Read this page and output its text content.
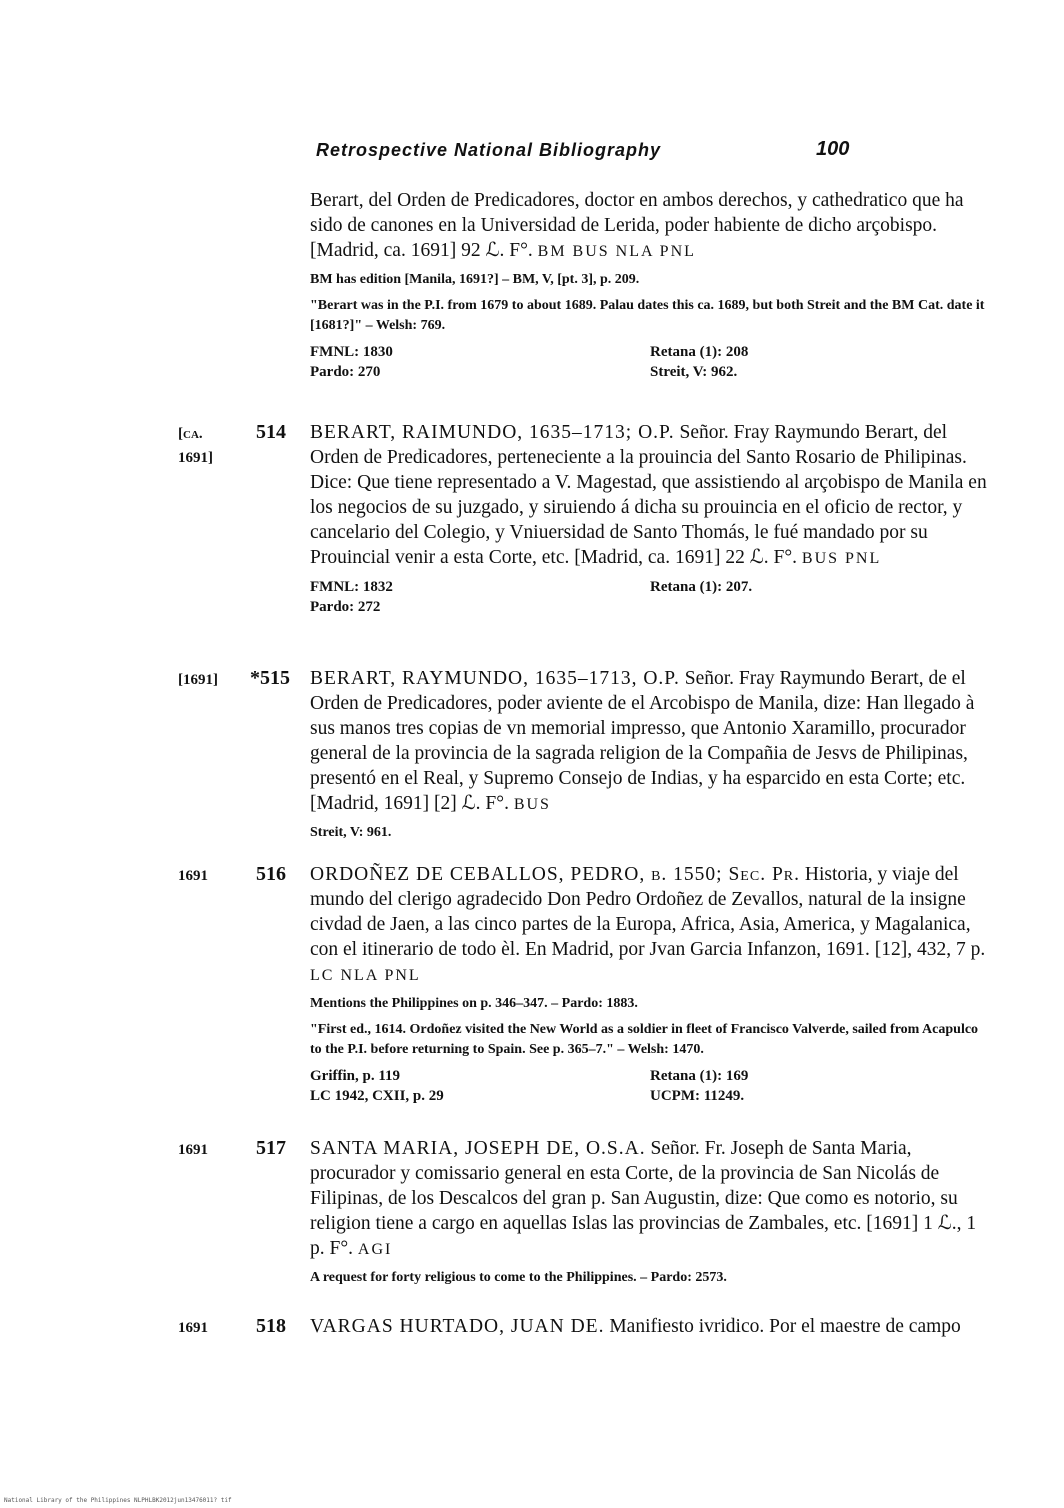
Retrospective National Bibliography	100

Berart, del Orden de Predicadores, doctor en ambos derechos, y cathedratico que ha sido de canones en la Universidad de Lerida, poder habiente de dicho arçobispo. [Madrid, ca. 1691] 92 ℒ. F°. BM BUS NLA PNL

BM has edition [Manila, 1691?] – BM, V, [pt. 3], p. 209.

"Berart was in the P.I. from 1679 to about 1689. Palau dates this ca. 1689, but both Streit and the BM Cat. date it [1681?]" – Welsh: 769.

FMNL: 1830	Retana (1): 208
Pardo: 270	Streit, V: 962.
[ca. 1691]
514 BERART, RAIMUNDO, 1635–1713; O.P. Señor. Fray Raymundo Berart, del Orden de Predicadores, perteneciente a la prouincia del Santo Rosario de Philipinas. Dice: Que tiene representado a V. Magestad, que assistiendo al arçobispo de Manila en los negocios de su juzgado, y siruiendo á dicha su prouincia en el oficio de rector, y cancelario del Colegio, y Vniuersidad de Santo Thomás, le fué mandado por su Prouincial venir a esta Corte, etc. [Madrid, ca. 1691] 22 ℒ. F°. BUS PNL

FMNL: 1832	Retana (1): 207.
Pardo: 272
[1691] *515 BERART, RAYMUNDO, 1635–1713, O.P. Señor. Fray Raymundo Berart, de el Orden de Predicadores, poder aviente de el Arcobispo de Manila, dize: Han llegado à sus manos tres copias de vn memorial impresso, que Antonio Xaramillo, procurador general de la provincia de la sagrada religion de la Compañia de Jesvs de Philipinas, presentó en el Real, y Supremo Consejo de Indias, y ha esparcido en esta Corte; etc. [Madrid, 1691] [2] ℒ. F°. BUS

Streit, V: 961.

1691 516 ORDOÑEZ DE CEBALLOS, PEDRO, b. 1550; Sec. Pr. Historia, y viaje del mundo del clerigo agradecido Don Pedro Ordoñez de Zevallos, natural de la insigne civdad de Jaen, a las cinco partes de la Europa, Africa, Asia, America, y Magalanica, con el itinerario de todo èl. En Madrid, por Jvan Garcia Infanzon, 1691. [12], 432, 7 p. LC NLA PNL

Mentions the Philippines on p. 346–347. – Pardo: 1883.

"First ed., 1614. Ordoñez visited the New World as a soldier in fleet of Francisco Valverde, sailed from Acapulco to the P.I. before returning to Spain. See p. 365–7." – Welsh: 1470.

Griffin, p. 119	Retana (1): 169
LC 1942, CXII, p. 29	UCPM: 11249.
1691 517 SANTA MARIA, JOSEPH DE, O.S.A. Señor. Fr. Joseph de Santa Maria, procurador y comissario general en esta Corte, de la provincia de San Nicolás de Filipinas, de los Descalcos del gran p. San Augustin, dize: Que como es notorio, su religion tiene a cargo en aquellas Islas las provincias de Zambales, etc. [1691] 1 ℒ., 1 p. F°. AGI

A request for forty religious to come to the Philippines. – Pardo: 2573.

1691 518 VARGAS HURTADO, JUAN DE. Manifiesto ivridico. Por el maestre de campo

National Library of the Philippines NLPHLBK2012jun13476011? tif
